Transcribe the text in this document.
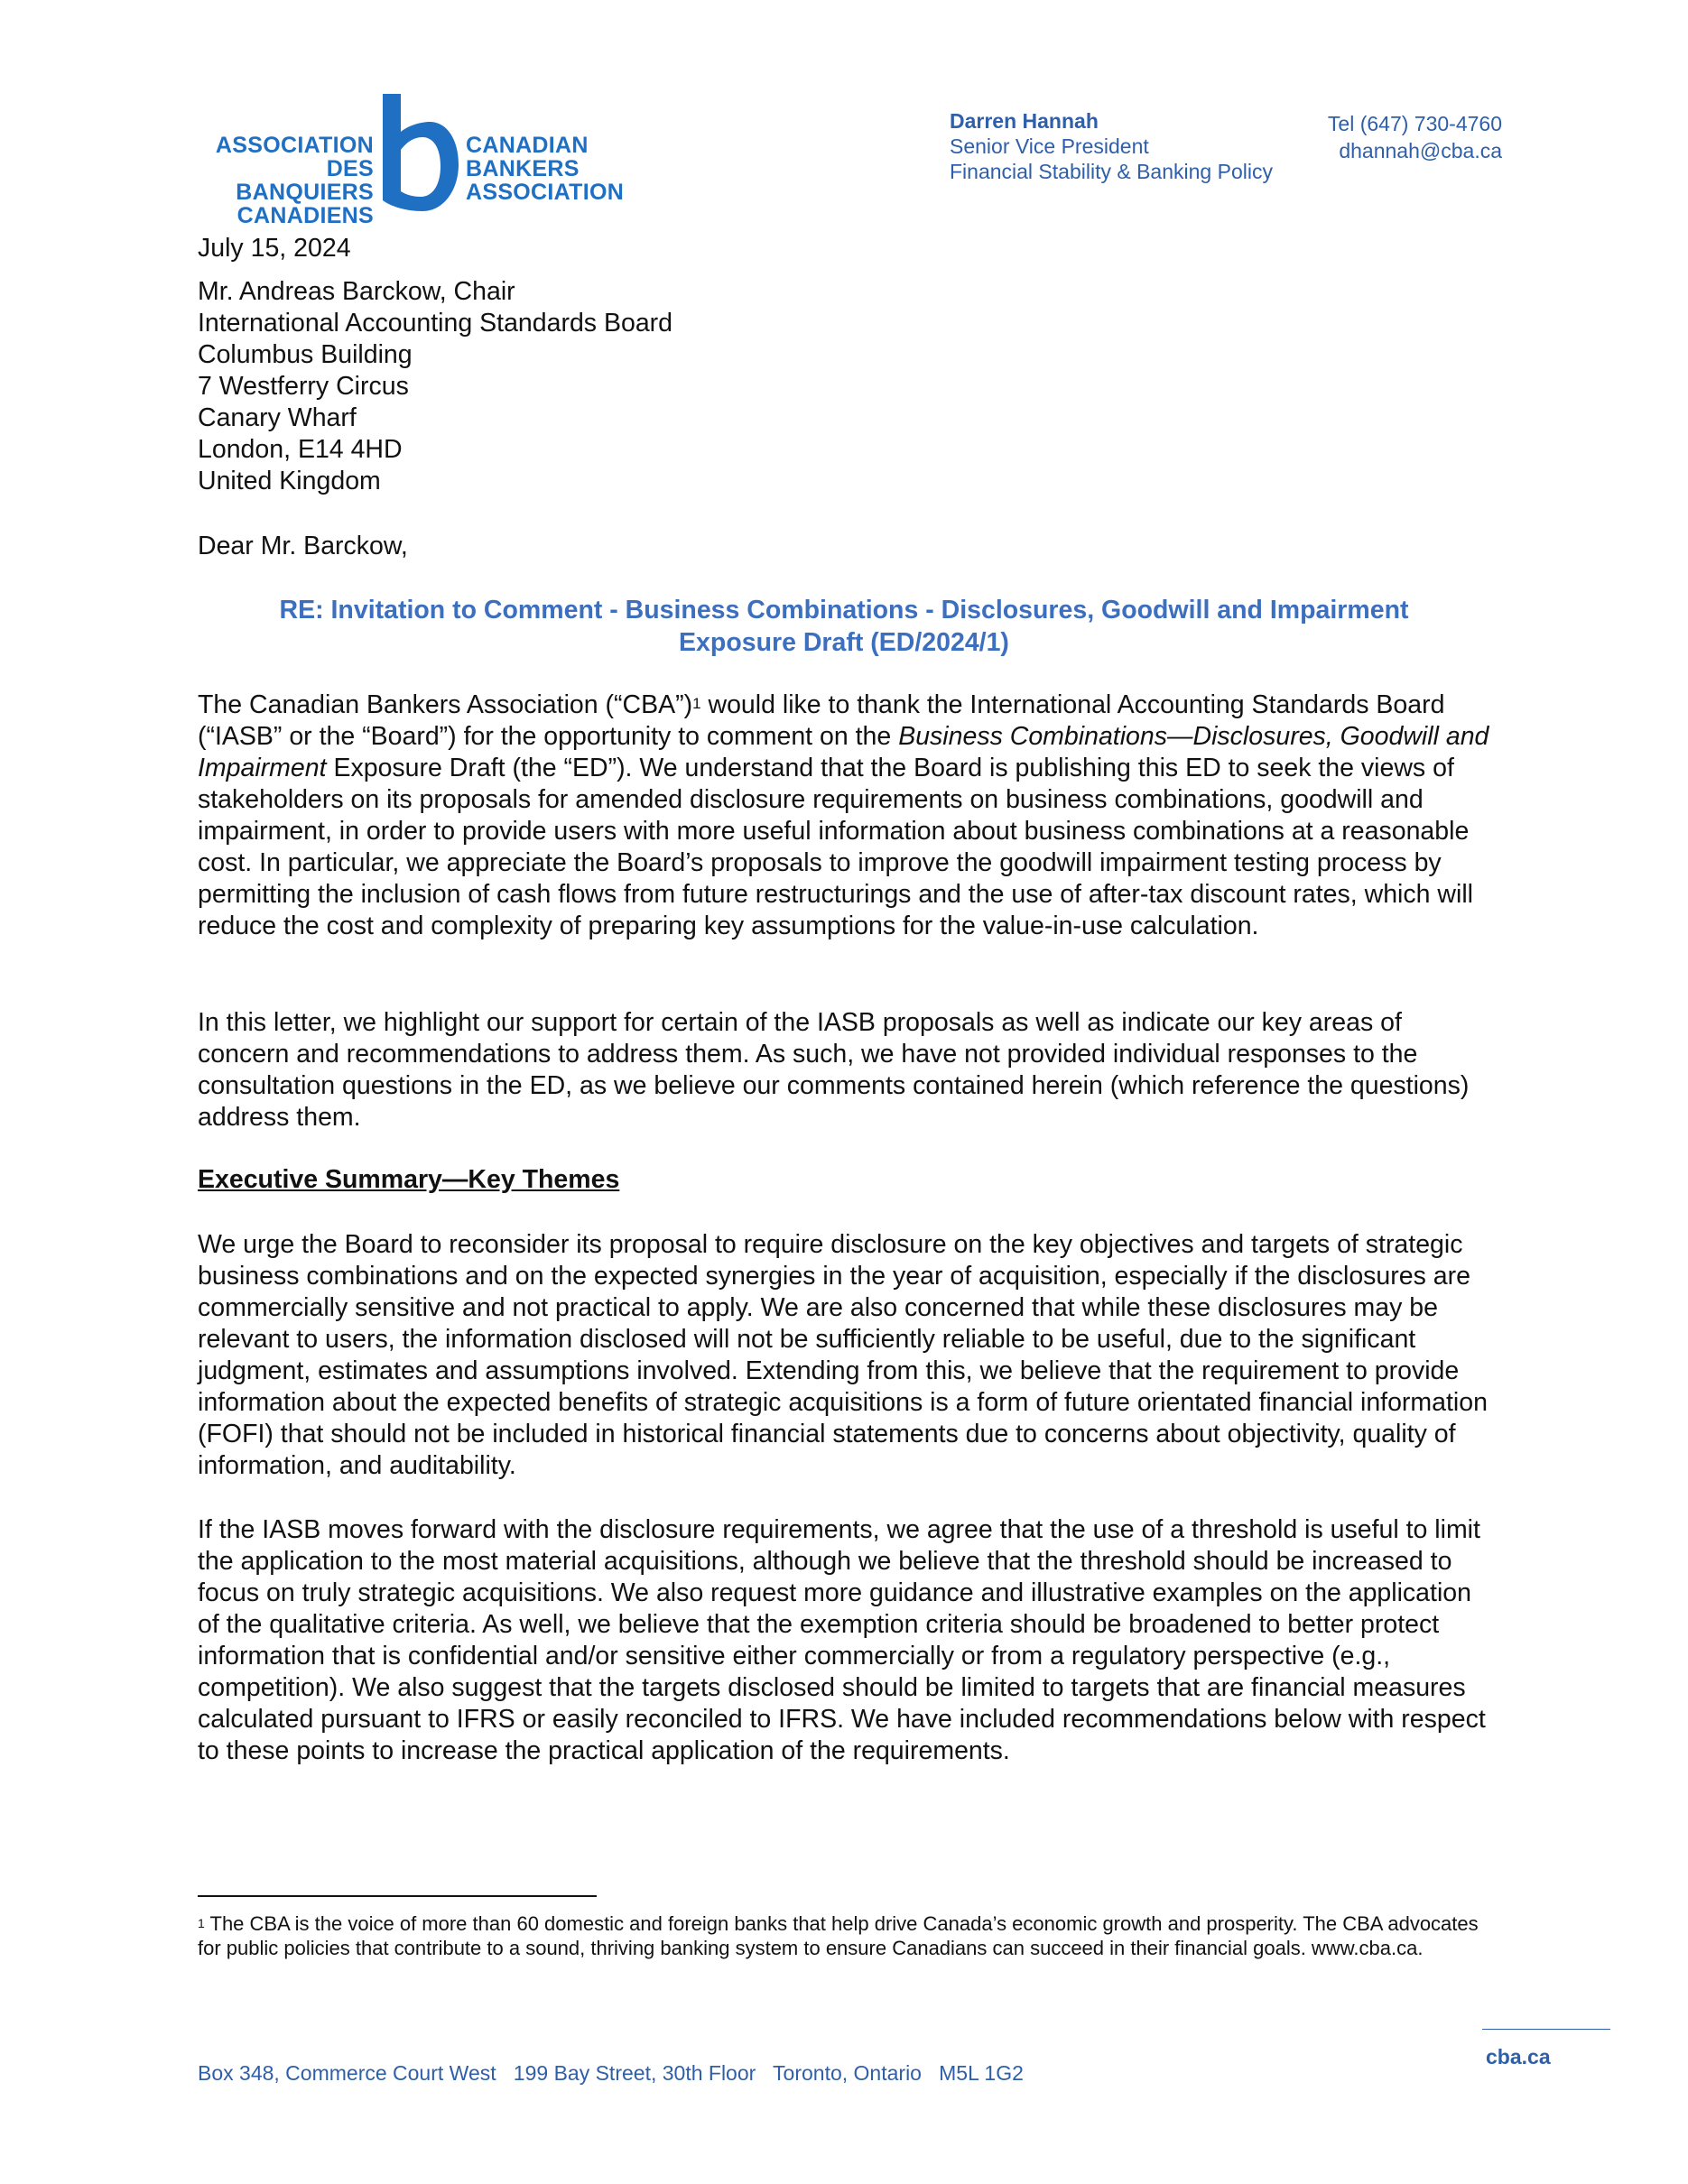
ASSOCIATION
DES BANQUIERS
CANADIENS
CANADIAN
BANKERS
ASSOCIATION
Darren Hannah
Senior Vice President
Financial Stability & Banking Policy
Tel (647) 730-4760
dhannah@cba.ca
July 15, 2024
Mr. Andreas Barckow, Chair
International Accounting Standards Board
Columbus Building
7 Westferry Circus
Canary Wharf
London, E14 4HD
United Kingdom
Dear Mr. Barckow,
RE: Invitation to Comment - Business Combinations - Disclosures, Goodwill and Impairment
Exposure Draft (ED/2024/1)
The Canadian Bankers Association (“CBA”)$^1$ would like to thank the International Accounting Standards Board (“IASB” or the “Board”) for the opportunity to comment on the Business Combinations—Disclosures, Goodwill and Impairment Exposure Draft (the “ED”). We understand that the Board is publishing this ED to seek the views of stakeholders on its proposals for amended disclosure requirements on business combinations, goodwill and impairment, in order to provide users with more useful information about business combinations at a reasonable cost. In particular, we appreciate the Board’s proposals to improve the goodwill impairment testing process by permitting the inclusion of cash flows from future restructurings and the use of after-tax discount rates, which will reduce the cost and complexity of preparing key assumptions for the value-in-use calculation.
In this letter, we highlight our support for certain of the IASB proposals as well as indicate our key areas of concern and recommendations to address them. As such, we have not provided individual responses to the consultation questions in the ED, as we believe our comments contained herein (which reference the questions) address them.
Executive Summary—Key Themes
We urge the Board to reconsider its proposal to require disclosure on the key objectives and targets of strategic business combinations and on the expected synergies in the year of acquisition, especially if the disclosures are commercially sensitive and not practical to apply. We are also concerned that while these disclosures may be relevant to users, the information disclosed will not be sufficiently reliable to be useful, due to the significant judgment, estimates and assumptions involved. Extending from this, we believe that the requirement to provide information about the expected benefits of strategic acquisitions is a form of future orientated financial information (FOFI) that should not be included in historical financial statements due to concerns about objectivity, quality of information, and auditability.
If the IASB moves forward with the disclosure requirements, we agree that the use of a threshold is useful to limit the application to the most material acquisitions, although we believe that the threshold should be increased to focus on truly strategic acquisitions. We also request more guidance and illustrative examples on the application of the qualitative criteria. As well, we believe that the exemption criteria should be broadened to better protect information that is confidential and/or sensitive either commercially or from a regulatory perspective (e.g., competition). We also suggest that the targets disclosed should be limited to targets that are financial measures calculated pursuant to IFRS or easily reconciled to IFRS. We have included recommendations below with respect to these points to increase the practical application of the requirements.
$^1$ The CBA is the voice of more than 60 domestic and foreign banks that help drive Canada’s economic growth and prosperity. The CBA advocates for public policies that contribute to a sound, thriving banking system to ensure Canadians can succeed in their financial goals. www.cba.ca.
cba.ca
Box 348, Commerce Court West   199 Bay Street, 30th Floor   Toronto, Ontario   M5L 1G2
